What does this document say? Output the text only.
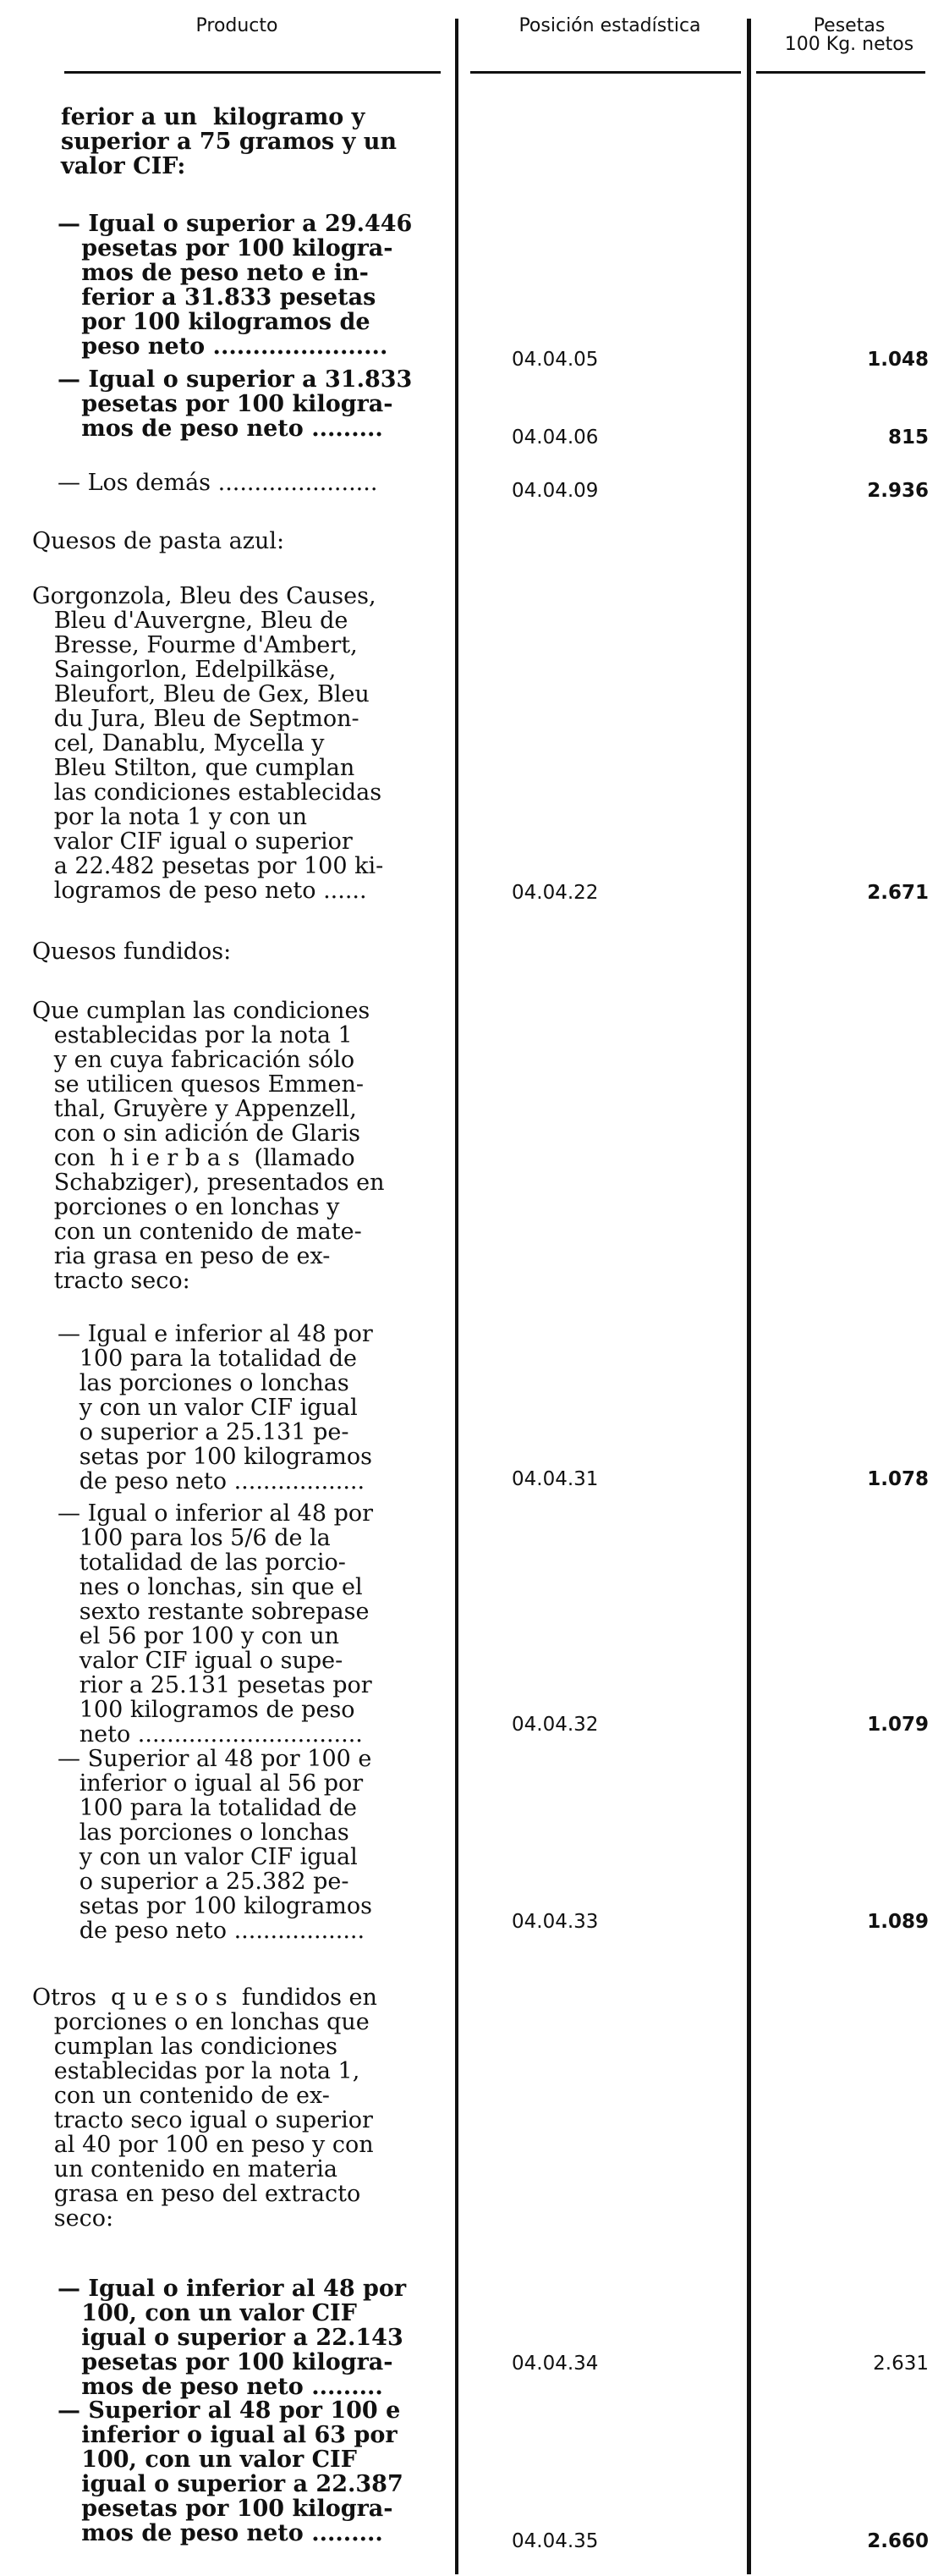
Producto	Posición estadística	Pesetas
100 Kg. netos
ferior a un  kilogramo y
superior a 75 gramos y un
valor CIF:
— Igual o superior a 29.446
pesetas por 100 kilogra-
mos de peso neto e in-
ferior a 31.833 pesetas
por 100 kilogramos de
peso neto ......................
— Igual o superior a 31.833
pesetas por 100 kilogra-
mos de peso neto .........
— Los demás ......................
Quesos de pasta azul:
Gorgonzola, Bleu des Causes,
Bleu d'Auvergne, Bleu de
Bresse, Fourme d'Ambert,
Saingorlon, Edelpilkäse,
Bleufort, Bleu de Gex, Bleu
du Jura, Bleu de Septmon-
cel, Danablu, Mycella y
Bleu Stilton, que cumplan
las condiciones establecidas
por la nota 1 y con un
valor CIF igual o superior
a 22.482 pesetas por 100 ki-
logramos de peso neto ......
Quesos fundidos:
Que cumplan las condiciones
establecidas por la nota 1
y en cuya fabricación sólo
se utilicen quesos Emmen-
thal, Gruyère y Appenzell,
con o sin adición de Glaris
con  h i e r b a s  (llamado
Schabziger), presentados en
porciones o en lonchas y
con un contenido de mate-
ria grasa en peso de ex-
tracto seco:
— Igual e inferior al 48 por
100 para la totalidad de
las porciones o lonchas
y con un valor CIF igual
o superior a 25.131 pe-
setas por 100 kilogramos
de peso neto ..................
— Igual o inferior al 48 por
100 para los 5/6 de la
totalidad de las porcio-
nes o lonchas, sin que el
sexto restante sobrepase
el 56 por 100 y con un
valor CIF igual o supe-
rior a 25.131 pesetas por
100 kilogramos de peso
neto ...............................
— Superior al 48 por 100 e
inferior o igual al 56 por
100 para la totalidad de
las porciones o lonchas
y con un valor CIF igual
o superior a 25.382 pe-
setas por 100 kilogramos
de peso neto ..................
Otros  q u e s o s  fundidos en
porciones o en lonchas que
cumplan las condiciones
establecidas por la nota 1,
con un contenido de ex-
tracto seco igual o superior
al 40 por 100 en peso y con
un contenido en materia
grasa en peso del extracto
seco:
— Igual o inferior al 48 por
100, con un valor CIF
igual o superior a 22.143
pesetas por 100 kilogra-
mos de peso neto .........
— Superior al 48 por 100 e
inferior o igual al 63 por
100, con un valor CIF
igual o superior a 22.387
pesetas por 100 kilogra-
mos de peso neto .........
04.04.05
04.04.06
04.04.09
04.04.22
04.04.31
04.04.32
04.04.33
04.04.34
04.04.35
1.048
815
2.936
2.671
1.078
1.079
1.089
2.631
2.660
